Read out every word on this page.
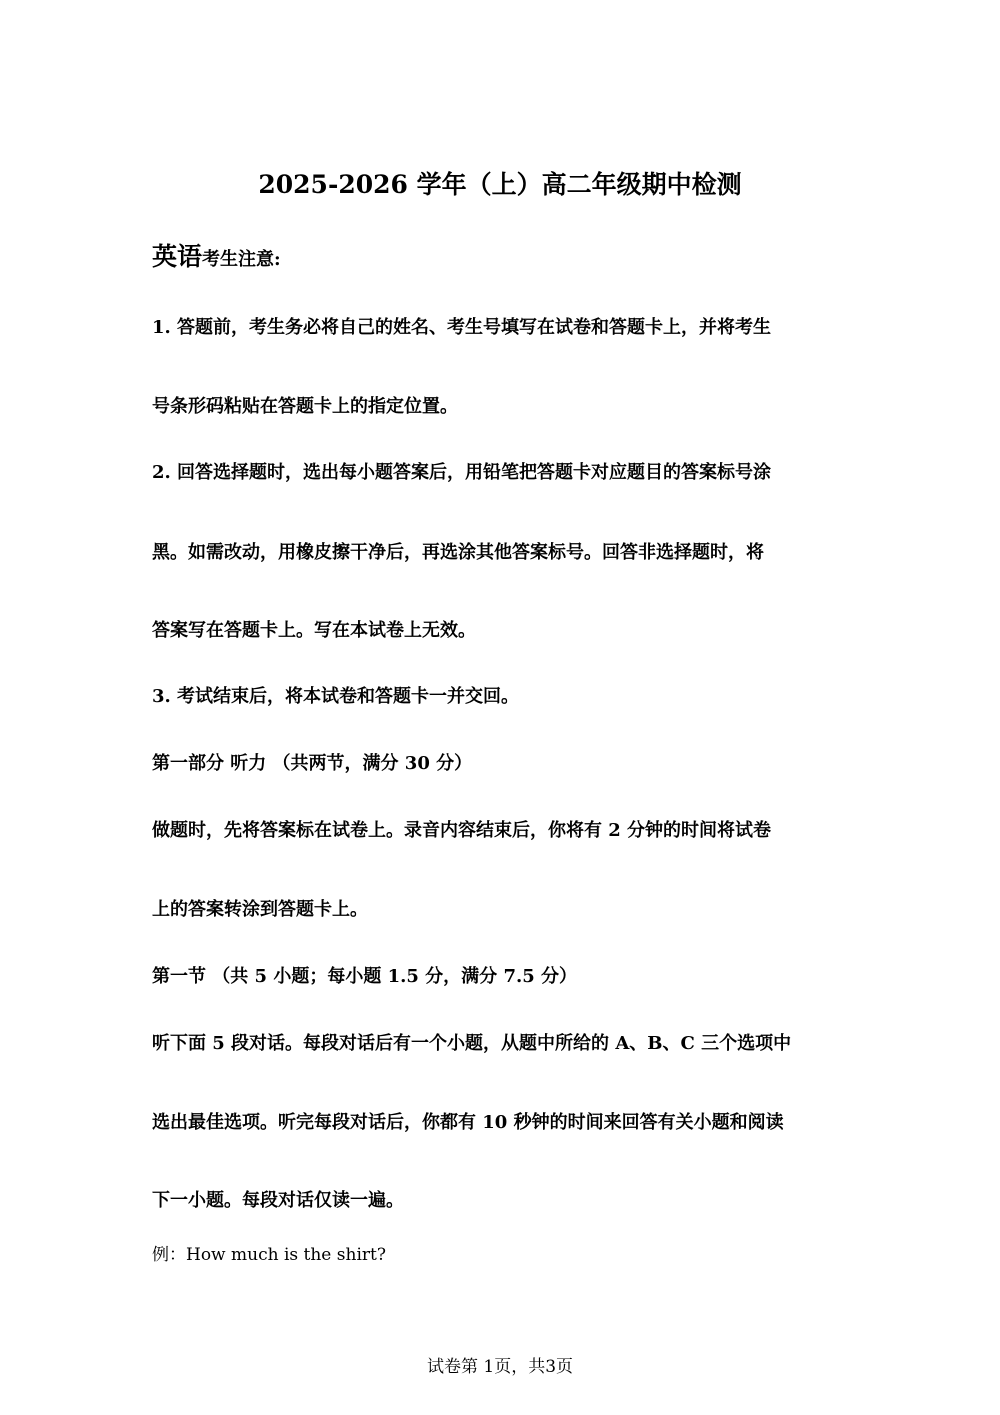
2025-2026 学年（上）高二年级期中检测
英语考生注意:
1. 答题前，考生务必将自己的姓名、考生号填写在试卷和答题卡上，并将考生
号条形码粘贴在答题卡上的指定位置。
2. 回答选择题时，选出每小题答案后，用铅笔把答题卡对应题目的答案标号涂
黑。如需改动，用橡皮擦干净后，再选涂其他答案标号。回答非选择题时，将
答案写在答题卡上。写在本试卷上无效。
3. 考试结束后，将本试卷和答题卡一并交回。
第一部分 听力 （共两节，满分 30 分）
做题时，先将答案标在试卷上。录音内容结束后，你将有 2 分钟的时间将试卷
上的答案转涂到答题卡上。
第一节 （共 5 小题；每小题 1.5 分，满分 7.5 分）
听下面 5 段对话。每段对话后有一个小题，从题中所给的 A、B、C 三个选项中
选出最佳选项。听完每段对话后，你都有 10 秒钟的时间来回答有关小题和阅读
下一小题。每段对话仅读一遍。
例：How much is the shirt?
试卷第 1页，共3页
